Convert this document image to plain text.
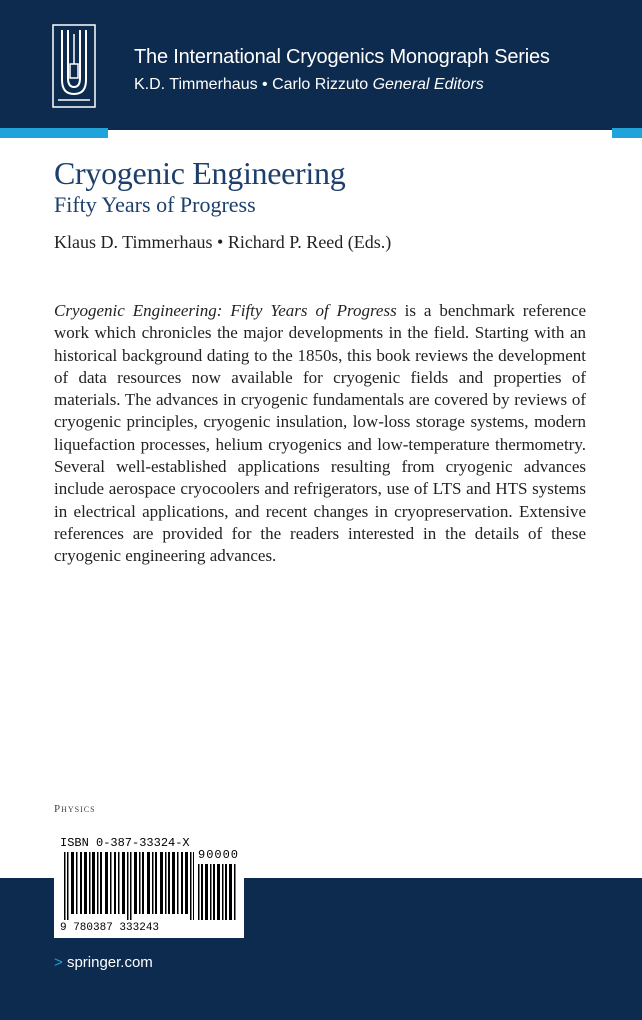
The International Cryogenics Monograph Series
K.D. Timmerhaus • Carlo Rizzuto General Editors
Cryogenic Engineering
Fifty Years of Progress
Klaus D. Timmerhaus • Richard P. Reed (Eds.)

Cryogenic Engineering: Fifty Years of Progress is a benchmark reference work which chronicles the major developments in the field. Starting with an historical background dating to the 1850s, this book reviews the development of data resources now available for cryogenic fields and properties of materials. The advances in cryogenic fundamentals are covered by reviews of cryogenic principles, cryogenic insulation, low-loss storage systems, modern liquefaction processes, helium cryogenics and low-temperature thermometry. Several well-established applications resulting from cryogenic advances include aerospace cryocoolers and refrigerators, use of LTS and HTS systems in electrical applications, and recent changes in cryopreservation. Extensive references are provided for the readers interested in the details of these cryogenic engineering advances.

Physics
ISBN 0-387-33324-X
90000
9 780387 333243
> springer.com
